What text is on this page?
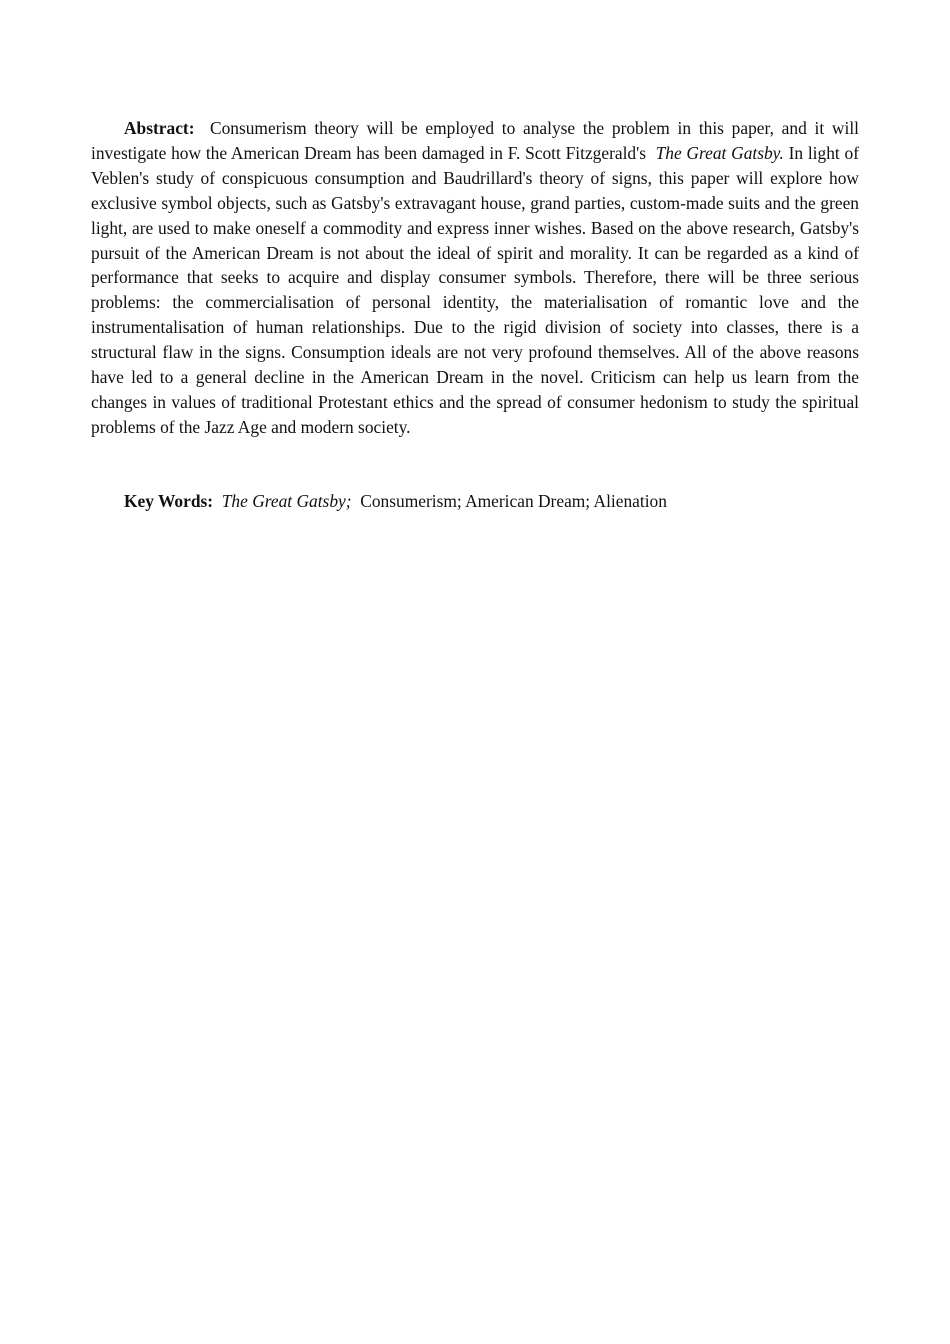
Abstract: Consumerism theory will be employed to analyse the problem in this paper, and it will investigate how the American Dream has been damaged in F. Scott Fitzgerald's The Great Gatsby. In light of Veblen's study of conspicuous consumption and Baudrillard's theory of signs, this paper will explore how exclusive symbol objects, such as Gatsby's extravagant house, grand parties, custom-made suits and the green light, are used to make oneself a commodity and express inner wishes. Based on the above research, Gatsby's pursuit of the American Dream is not about the ideal of spirit and morality. It can be regarded as a kind of performance that seeks to acquire and display consumer symbols. Therefore, there will be three serious problems: the commercialisation of personal identity, the materialisation of romantic love and the instrumentalisation of human relationships. Due to the rigid division of society into classes, there is a structural flaw in the signs. Consumption ideals are not very profound themselves. All of the above reasons have led to a general decline in the American Dream in the novel. Criticism can help us learn from the changes in values of traditional Protestant ethics and the spread of consumer hedonism to study the spiritual problems of the Jazz Age and modern society.

Key Words: The Great Gatsby; Consumerism; American Dream; Alienation
